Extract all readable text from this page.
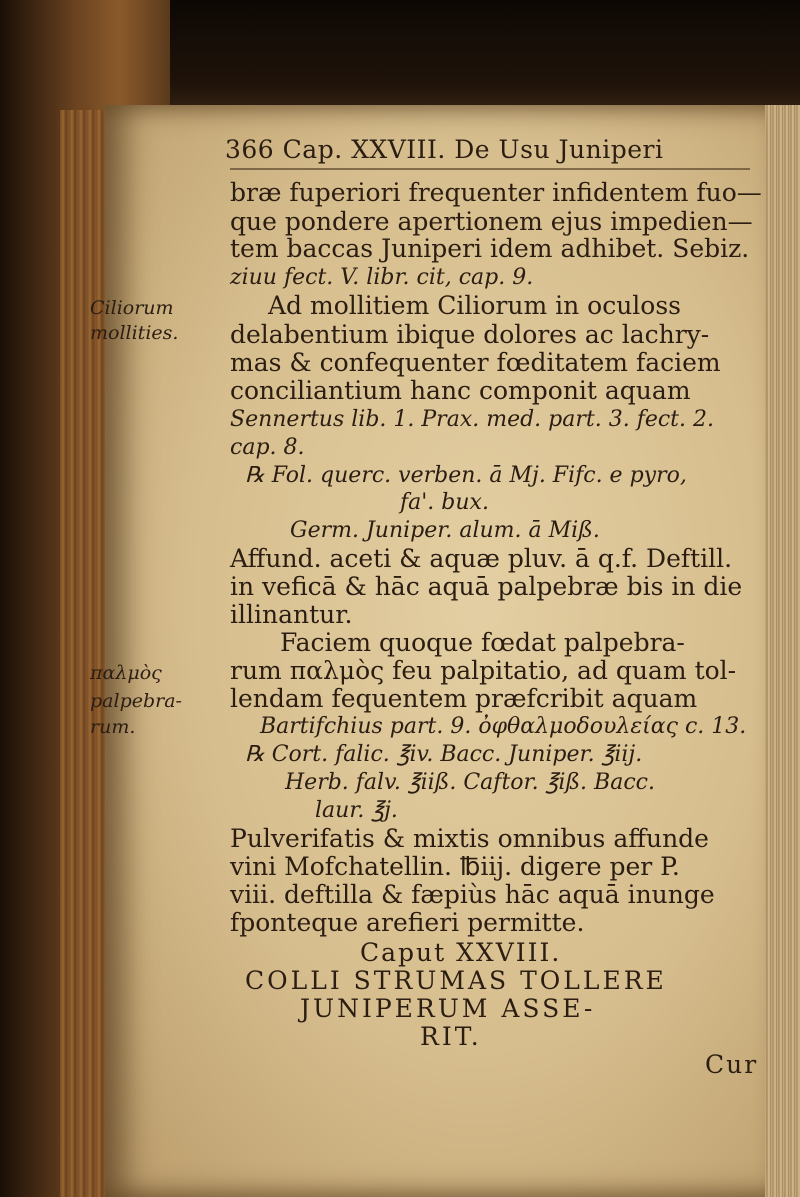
366 Cap. XXVIII. De Usu Juniperi
bræ fuperiori frequenter infidentem fuo—
que pondere apertionem ejus impedien—
tem baccas Juniperi idem adhibet. Sebiz.
ziuu fect. V. libr. cit, cap. 9.
Ad mollitiem Ciliorum in oculoss
delabentium ibique dolores ac lachry-
mas & confequenter fœditatem faciem
conciliantium hanc componit aquam
Sennertus lib. 1. Prax. med. part. 3. fect. 2.
cap. 8.
℞ Fol. querc. verben. ā Mj. Fifc. e pyro,
fa'. bux.
Germ. Juniper. alum. ā Miß.
Affund. aceti & aquæ pluv. ā q.f. Deftill.
in veficā & hāc aquā palpebræ bis in die
illinantur.
Faciem quoque fœdat palpebra-
rum παλμὸς feu palpitatio, ad quam tol-
lendam fequentem præfcribit aquam
Bartifchius part. 9. ὀφθαλμοδουλείας c. 13.
℞ Cort. falic. ℥iv. Bacc. Juniper. ℥iij.
Herb. falv. ℥iiß. Caftor. ℥iß. Bacc.
laur. ℥j.
Pulverifatis & mixtis omnibus affunde
vini Mofchatellin. ℔iij. digere per P.
viii. deftilla & fæpiùs hāc aquā inunge
fponteque arefieri permitte.
Ciliorum
mollities.
παλμὸς
palpebra-
rum.
Caput XXVIII.
COLLI STRUMAS TOLLERE
JUNIPERUM ASSE-
RIT.
Cur
